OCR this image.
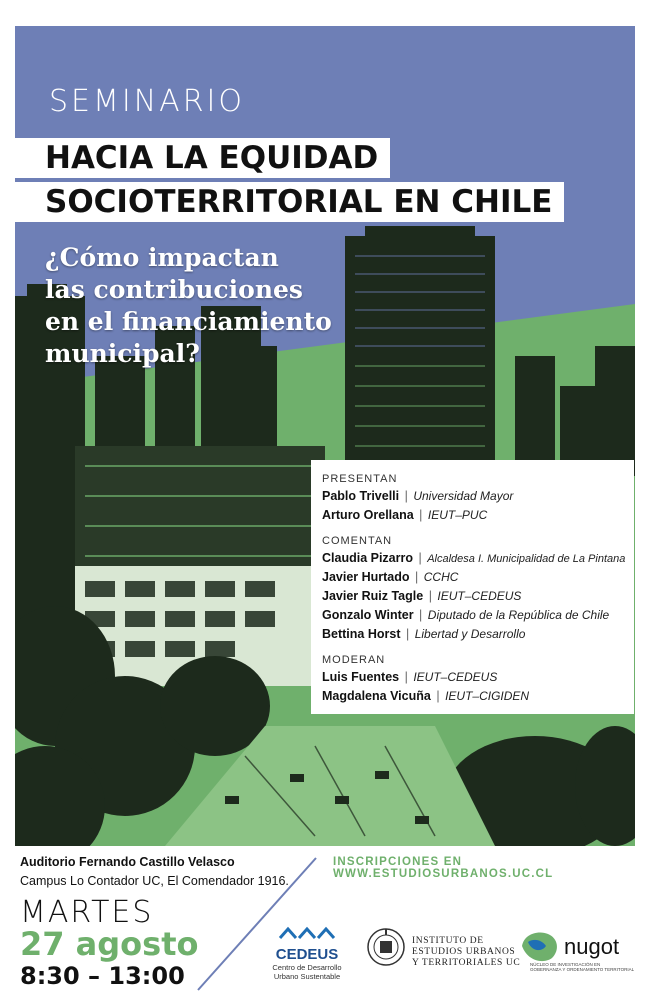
SEMINARIO
HACIA LA EQUIDAD
SOCIOTERRITORIAL EN CHILE
¿Cómo impactan
las contribuciones
en el financiamiento
municipal?
PRESENTAN
Pablo Trivelli | Universidad Mayor
Arturo Orellana | IEUT–PUC
COMENTAN
Claudia Pizarro | Alcaldesa I. Municipalidad de La Pintana
Javier Hurtado | CCHC
Javier Ruiz Tagle | IEUT–CEDEUS
Gonzalo Winter | Diputado de la República de Chile
Bettina Horst | Libertad y Desarrollo
MODERAN
Luis Fuentes | IEUT–CEDEUS
Magdalena Vicuña | IEUT–CIGIDEN
Auditorio Fernando Castillo Velasco
Campus Lo Contador UC, El Comendador 1916.
INSCRIPCIONES EN WWW.ESTUDIOSURBANOS.UC.CL
MARTES
27 agosto
8:30 – 13:00
CEDEUS
Centro de Desarrollo
Urbano Sustentable
INSTITUTO DE
ESTUDIOS URBANOS
Y TERRITORIALES UC
nugot
NÚCLEO DE INVESTIGACIÓN EN
GOBERNANZA Y ORDENAMIENTO TERRITORIAL
